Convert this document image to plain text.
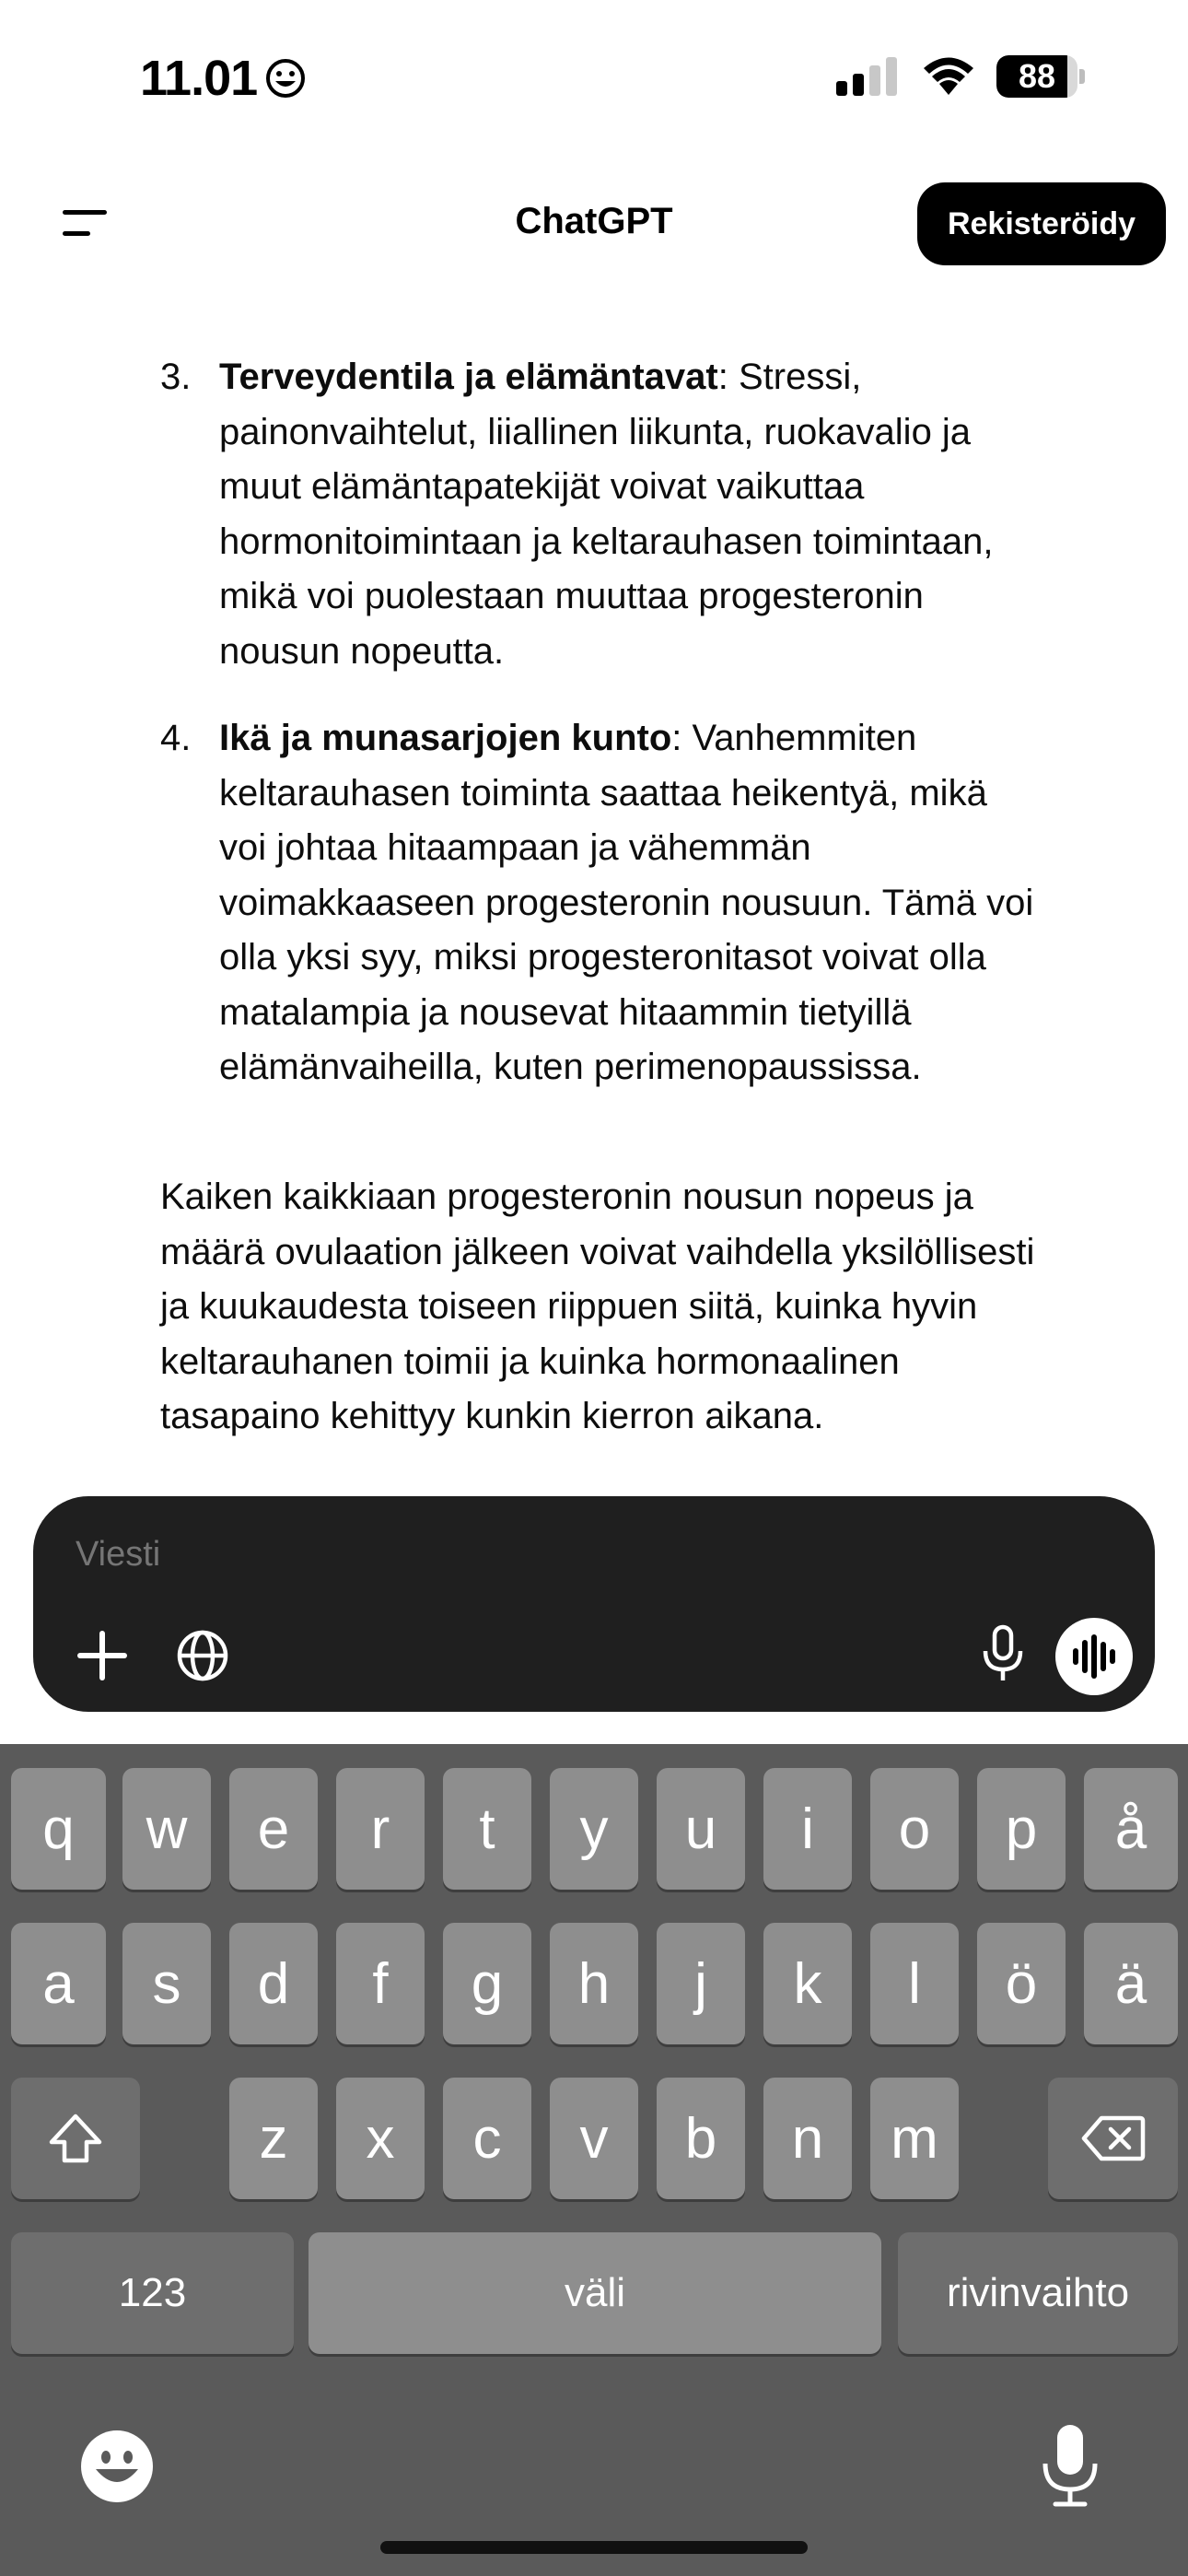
11.01	88
3. Terveydentila ja elämäntavat: Stressi,
painonvaihtelut, liiallinen liikunta, ruokavalio ja
muut elämäntapatekijät voivat vaikuttaa
hormonitoimintaan ja keltarauhasen toimintaan,
mikä voi puolestaan muuttaa progesteronin
nousun nopeutta.
4. Ikä ja munasarjojen kunto: Vanhemmiten
keltarauhasen toiminta saattaa heikentyä, mikä
voi johtaa hitaampaan ja vähemmän
voimakkaaseen progesteronin nousuun. Tämä voi
olla yksi syy, miksi progesteronitasot voivat olla
matalampia ja nousevat hitaammin tietyillä
elämänvaiheilla, kuten perimenopaussissa.
Kaiken kaikkiaan progesteronin nousun nopeus ja
määrä ovulaation jälkeen voivat vaihdella yksilöllisesti
ja kuukaudesta toiseen riippuen siitä, kuinka hyvin
keltarauhanen toimii ja kuinka hormonaalinen
tasapaino kehittyy kunkin kierron aikana.
ChatGPT	Rekisteröidy
Viesti
q	w	e	r	t	y	u	i	o	p	å
a	s	d	f	g	h	j	k	l	ö	ä
z	x	c	v	b	n	m
123	väli	rivinvaihto
